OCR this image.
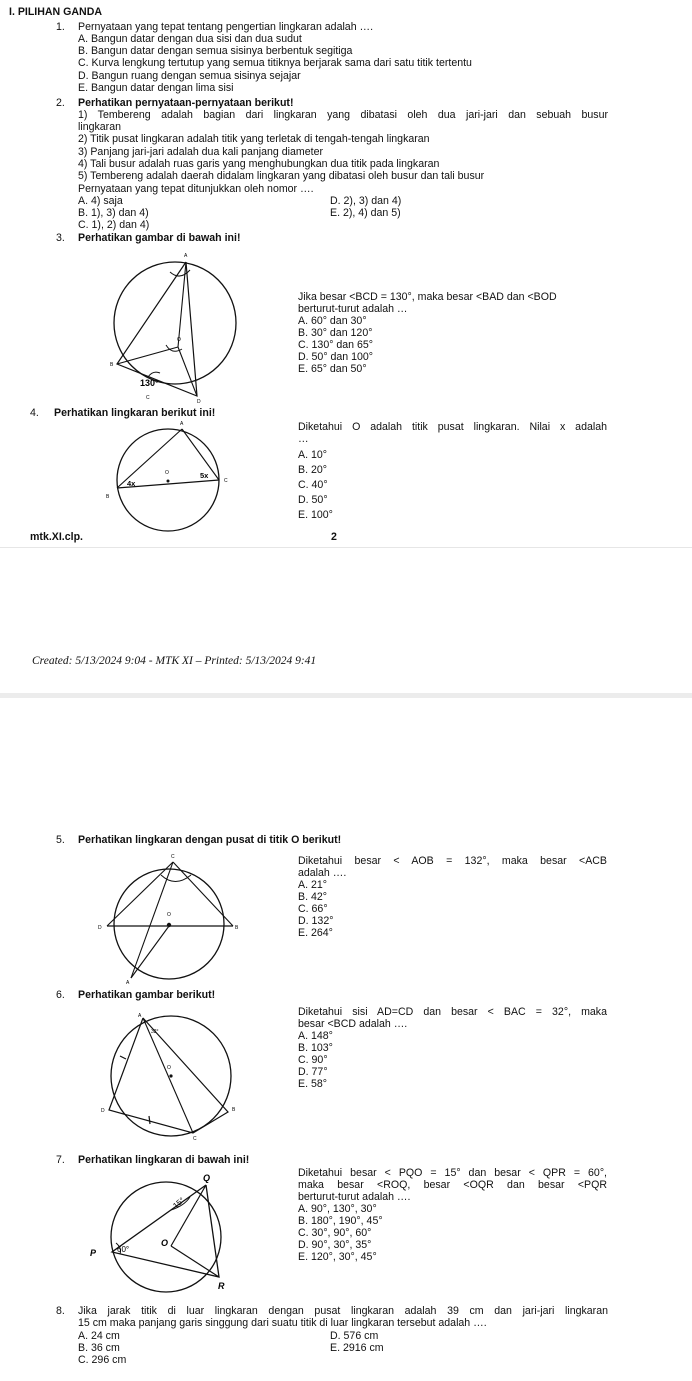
I. PILIHAN GANDA
1. Pernyataan yang tepat tentang pengertian lingkaran adalah ….
A. Bangun datar dengan dua sisi dan dua sudut
B. Bangun datar dengan semua sisinya berbentuk segitiga
C. Kurva lengkung tertutup yang semua titiknya berjarak sama dari satu titik tertentu
D. Bangun ruang dengan semua sisinya sejajar
E. Bangun datar dengan lima sisi
2. Perhatikan pernyataan-pernyataan berikut!
1) Tembereng adalah bagian dari lingkaran yang dibatasi oleh dua jari-jari dan sebuah busur
lingkaran
2) Titik pusat lingkaran adalah titik yang terletak di tengah-tengah lingkaran
3) Panjang jari-jari adalah dua kali panjang diameter
4) Tali busur adalah ruas garis yang menghubungkan dua titik pada lingkaran
5) Tembereng adalah daerah didalam lingkaran yang dibatasi oleh busur dan tali busur
Pernyataan yang tepat ditunjukkan oleh nomor ….
A. 4) saja
B. 1), 3) dan 4)
C. 1), 2) dan 4)
D. 2), 3) dan 4)
E. 2), 4) dan 5)
3. Perhatikan gambar di bawah ini!
A
B
C
D
O
130°
Jika besar <BCD = 130°, maka besar <BAD dan <BOD
berturut-turut adalah …
A. 60° dan 30°
B. 30° dan 120°
C. 130° dan 65°
D. 50° dan 100°
E. 65° dan 50°
4. Perhatikan lingkaran berikut ini!
A
B
C
O
4x
5x
Diketahui O adalah titik pusat lingkaran. Nilai x adalah
…
A. 10°
B. 20°
C. 40°
D. 50°
E. 100°
mtk.XI.clp.	2
Created: 5/13/2024 9:04 - MTK XI – Printed: 5/13/2024 9:41
5. Perhatikan lingkaran dengan pusat di titik O berikut!
C
D	B
A
O
Diketahui besar < AOB = 132°, maka besar <ACB
adalah ….
A. 21°
B. 42°
C. 66°
D. 132°
E. 264°
6. Perhatikan gambar berikut!
A
B
C
D
O
32°
Diketahui sisi AD=CD dan besar < BAC = 32°, maka
besar <BCD adalah ….
A. 148°
B. 103°
C. 90°
D. 77°
E. 58°
7. Perhatikan lingkaran di bawah ini!
Q
P
R
O
15°
60°
Diketahui besar < PQO = 15° dan besar < QPR = 60°,
maka besar <ROQ, besar <OQR dan besar <PQR
berturut-turut adalah ….
A. 90°, 130°, 30°
B. 180°, 190°, 45°
C. 30°, 90°, 60°
D. 90°, 30°, 35°
E. 120°, 30°, 45°
8. Jika jarak titik di luar lingkaran dengan pusat lingkaran adalah 39 cm dan jari-jari lingkaran
15 cm maka panjang garis singgung dari suatu titik di luar lingkaran tersebut adalah ….
A. 24 cm
B. 36 cm
C. 296 cm
D. 576 cm
E. 2916 cm
